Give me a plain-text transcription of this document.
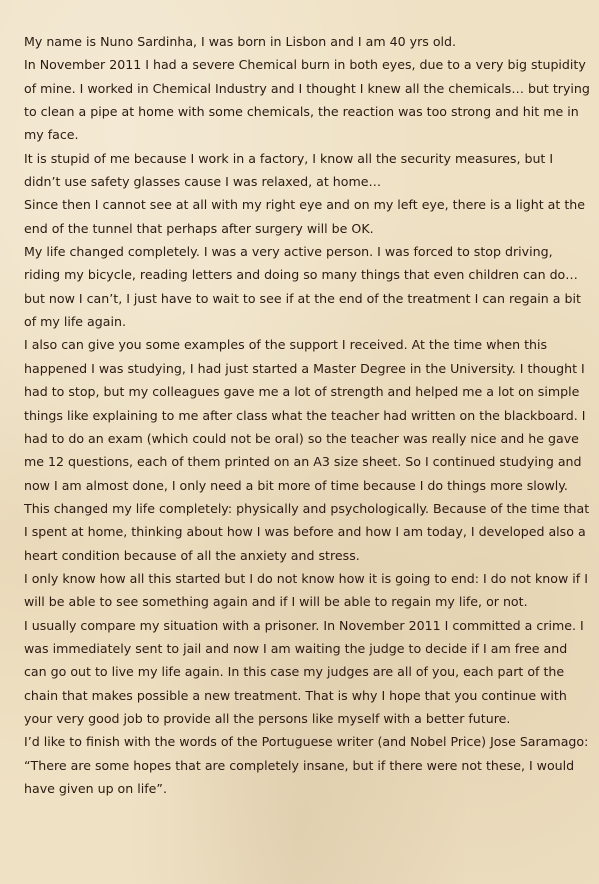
My name is Nuno Sardinha, I was born in Lisbon and I am 40 yrs old.

In November 2011 I had a severe Chemical burn in both eyes, due to a very big stupidity of mine. I worked in Chemical Industry and I thought I knew all the chemicals… but trying to clean a pipe at home with some chemicals, the reaction was too strong and hit me in my face.

It is stupid of me because I work in a factory, I know all the security measures, but I didn’t use safety glasses cause I was relaxed, at home…

Since then I cannot see at all with my right eye and on my left eye, there is a light at the end of the tunnel that perhaps after surgery will be OK.

My life changed completely. I was a very active person. I was forced to stop driving, riding my bicycle, reading letters and doing so many things that even children can do… but now I can’t, I just have to wait to see if at the end of the treatment I can regain a bit of my life again.

I also can give you some examples of the support I received. At the time when this happened I was studying, I had just started a Master Degree in the University. I thought I had to stop, but my colleagues gave me a lot of strength and helped me a lot on simple things like explaining to me after class what the teacher had written on the blackboard. I had to do an exam (which could not be oral) so the teacher was really nice and he gave me 12 questions, each of them printed on an A3 size sheet. So I continued studying and now I am almost done, I only need a bit more of time because I do things more slowly.

This changed my life completely: physically and psychologically. Because of the time that I spent at home, thinking about how I was before and how I am today, I developed also a heart condition because of all the anxiety and stress.

I only know how all this started but I do not know how it is going to end: I do not know if I will be able to see something again and if I will be able to regain my life, or not.

I usually compare my situation with a prisoner. In November 2011 I committed a crime. I was immediately sent to jail and now I am waiting the judge to decide if I am free and can go out to live my life again. In this case my judges are all of you, each part of the chain that makes possible a new treatment. That is why I hope that you continue with your very good job to provide all the persons like myself with a better future.

I’d like to finish with the words of the Portuguese writer (and Nobel Price) Jose Saramago: “There are some hopes that are completely insane, but if there were not these, I would have given up on life”.
